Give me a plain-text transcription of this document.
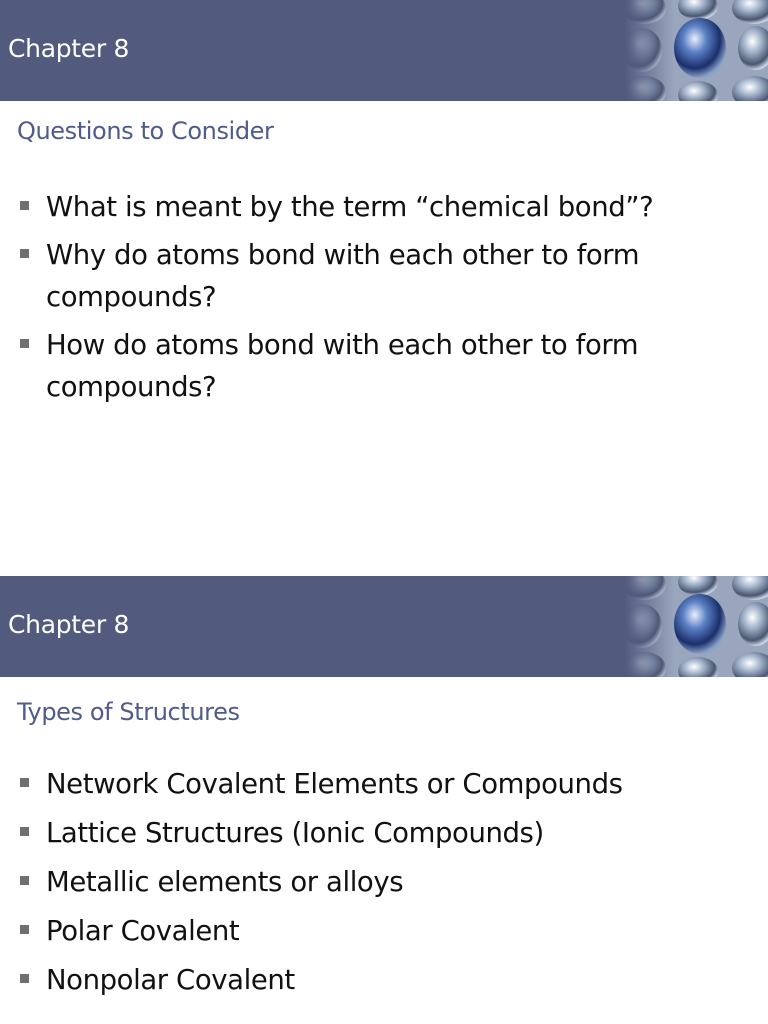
Chapter 8
Questions to Consider
What is meant by the term “chemical bond”?
Why do atoms bond with each other to form compounds?
How do atoms bond with each other to form compounds?
Chapter 8
Types of Structures
Network Covalent Elements or Compounds
Lattice Structures (Ionic Compounds)
Metallic elements or alloys
Polar Covalent
Nonpolar Covalent
